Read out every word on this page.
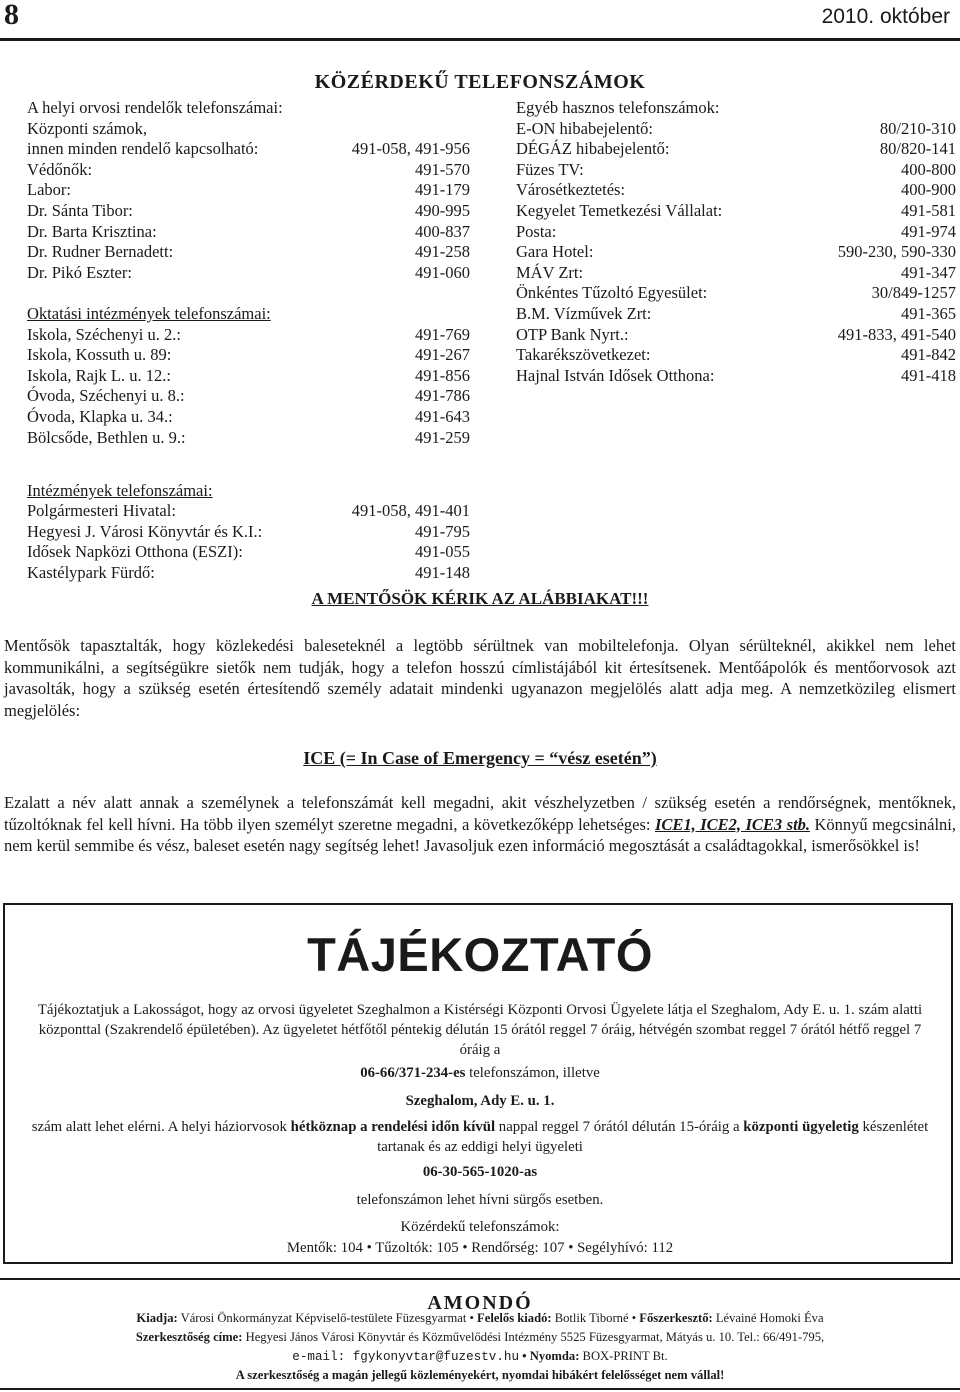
8	2010. október
KÖZÉRDEKŰ TELEFONSZÁMOK
A helyi orvosi rendelők telefonszámai:
Központi számok,
innen minden rendelő kapcsolható:	491-058, 491-956
Védőnők:	491-570
Labor:	491-179
Dr. Sánta Tibor:	490-995
Dr. Barta Krisztina:	400-837
Dr. Rudner Bernadett:	491-258
Dr. Pikó Eszter:	491-060
Oktatási intézmények telefonszámai:
Iskola, Széchenyi u. 2.:	491-769
Iskola, Kossuth u. 89:	491-267
Iskola, Rajk L. u. 12.:	491-856
Óvoda, Széchenyi u. 8.:	491-786
Óvoda, Klapka u. 34.:	491-643
Bölcsőde, Bethlen u. 9.:	491-259
Intézmények telefonszámai:
Polgármesteri Hivatal:	491-058, 491-401
Hegyesi J. Városi Könyvtár és K.I.:	491-795
Idősek Napközi Otthona (ESZI):	491-055
Kastélypark Fürdő:	491-148
Egyéb hasznos telefonszámok:
E-ON hibabejelentő:	80/210-310
DÉGÁZ hibabejelentő:	80/820-141
Füzes TV:	400-800
Városétkeztetés:	400-900
Kegyelet Temetkezési Vállalat:	491-581
Posta:	491-974
Gara Hotel:	590-230, 590-330
MÁV Zrt:	491-347
Önkéntes Tűzoltó Egyesület:	30/849-1257
B.M. Vízművek Zrt:	491-365
OTP Bank Nyrt.:	491-833, 491-540
Takarékszövetkezet:	491-842
Hajnal István Idősek Otthona:	491-418
A MENTŐSÖK KÉRIK AZ ALÁBBIAKAT!!!
Mentősök tapasztalták, hogy közlekedési baleseteknél a legtöbb sérültnek van mobiltelefonja. Olyan sérülteknél, akikkel nem lehet kommunikálni, a segítségükre sietők nem tudják, hogy a telefon hosszú címlistájából kit értesítsenek. Mentőápolók és mentőorvosok azt javasolták, hogy a szükség esetén értesítendő személy adatait mindenki ugyanazon megjelölés alatt adja meg. A nemzetközileg elismert megjelölés:
ICE (= In Case of Emergency = “vész esetén”)
Ezalatt a név alatt annak a személynek a telefonszámát kell megadni, akit vészhelyzetben / szükség esetén a rendőrségnek, mentőknek, tűzoltóknak fel kell hívni. Ha több ilyen személyt szeretne megadni, a következőképp lehetséges: ICE1, ICE2, ICE3 stb. Könnyű megcsinálni, nem kerül semmibe és vész, baleset esetén nagy segítség lehet! Javasoljuk ezen információ megosztását a családtagokkal, ismerősökkel is!
TÁJÉKOZTATÓ
Tájékoztatjuk a Lakosságot, hogy az orvosi ügyeletet Szeghalmon a Kistérségi Központi Orvosi Ügyelete látja el Szeghalom, Ady E. u. 1. szám alatti központtal (Szakrendelő épületében). Az ügyeletet hétfőtől péntekig délután 15 órától reggel 7 óráig, hétvégén szombat reggel 7 órától hétfő reggel 7 óráig a
06-66/371-234-es telefonszámon, illetve
Szeghalom, Ady E. u. 1.
szám alatt lehet elérni. A helyi háziorvosok hétköznap a rendelési időn kívül nappal reggel 7 órától délután 15-óráig a központi ügyeletig készenlétet tartanak és az eddigi helyi ügyeleti
06-30-565-1020-as
telefonszámon lehet hívni sürgős esetben.
Közérdekű telefonszámok:
Mentők: 104 • Tűzoltók: 105 • Rendőrség: 107 • Segélyhívó: 112
AMONDÓ
Kiadja: Városi Önkormányzat Képviselő-testülete Füzesgyarmat • Felelős kiadó: Botlik Tiborné • Főszerkesztő: Lévainé Homoki Éva
Szerkesztőség címe: Hegyesi János Városi Könyvtár és Közművelődési Intézmény 5525 Füzesgyarmat, Mátyás u. 10. Tel.: 66/491-795,
e-mail: fgykonyvtar@fuzestv.hu • Nyomda: BOX-PRINT Bt.
A szerkesztőség a magán jellegű közleményekért, nyomdai hibákért felelősséget nem vállal!
